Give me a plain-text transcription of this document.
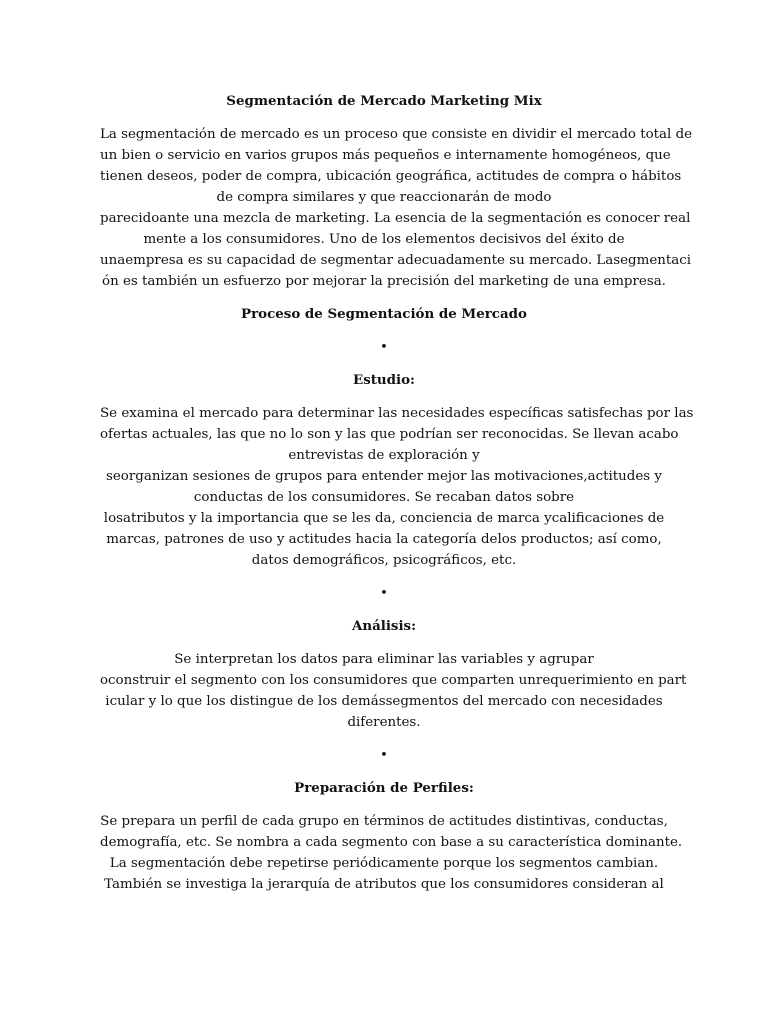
Segmentación de Mercado Marketing Mix

La segmentación de mercado es un proceso que consiste en dividir el mercado total de
un bien o servicio en varios grupos más pequeños e internamente homogéneos, que
tienen deseos, poder de compra, ubicación geográfica, actitudes de compra o hábitos
de compra similares y que reaccionarán de modo
parecidoante una mezcla de marketing. La esencia de la segmentación es conocer real
mente a los consumidores. Uno de los elementos decisivos del éxito de
unaempresa es su capacidad de segmentar adecuadamente su mercado. Lasegmentaci
ón es también un esfuerzo por mejorar la precisión del marketing de una empresa.

Proceso de Segmentación de Mercado
•
Estudio:

Se examina el mercado para determinar las necesidades específicas satisfechas por las
ofertas actuales, las que no lo son y las que podrían ser reconocidas. Se llevan acabo
entrevistas de exploración y
seorganizan sesiones de grupos para entender mejor las motivaciones,actitudes y
conductas de los consumidores. Se recaban datos sobre
losatributos y la importancia que se les da, conciencia de marca ycalificaciones de
marcas, patrones de uso y actitudes hacia la categoría delos productos; así como,
datos demográficos, psicográficos, etc.

•
Análisis:

Se interpretan los datos para eliminar las variables y agrupar
oconstruir el segmento con los consumidores que comparten unrequerimiento en part
icular y lo que los distingue de los demássegmentos del mercado con necesidades
diferentes.

•
Preparación de Perfiles:

Se prepara un perfil de cada grupo en términos de actitudes distintivas, conductas,
demografía, etc. Se nombra a cada segmento con base a su característica dominante.
La segmentación debe repetirse periódicamente porque los segmentos cambian.
También se investiga la jerarquía de atributos que los consumidores consideran al
